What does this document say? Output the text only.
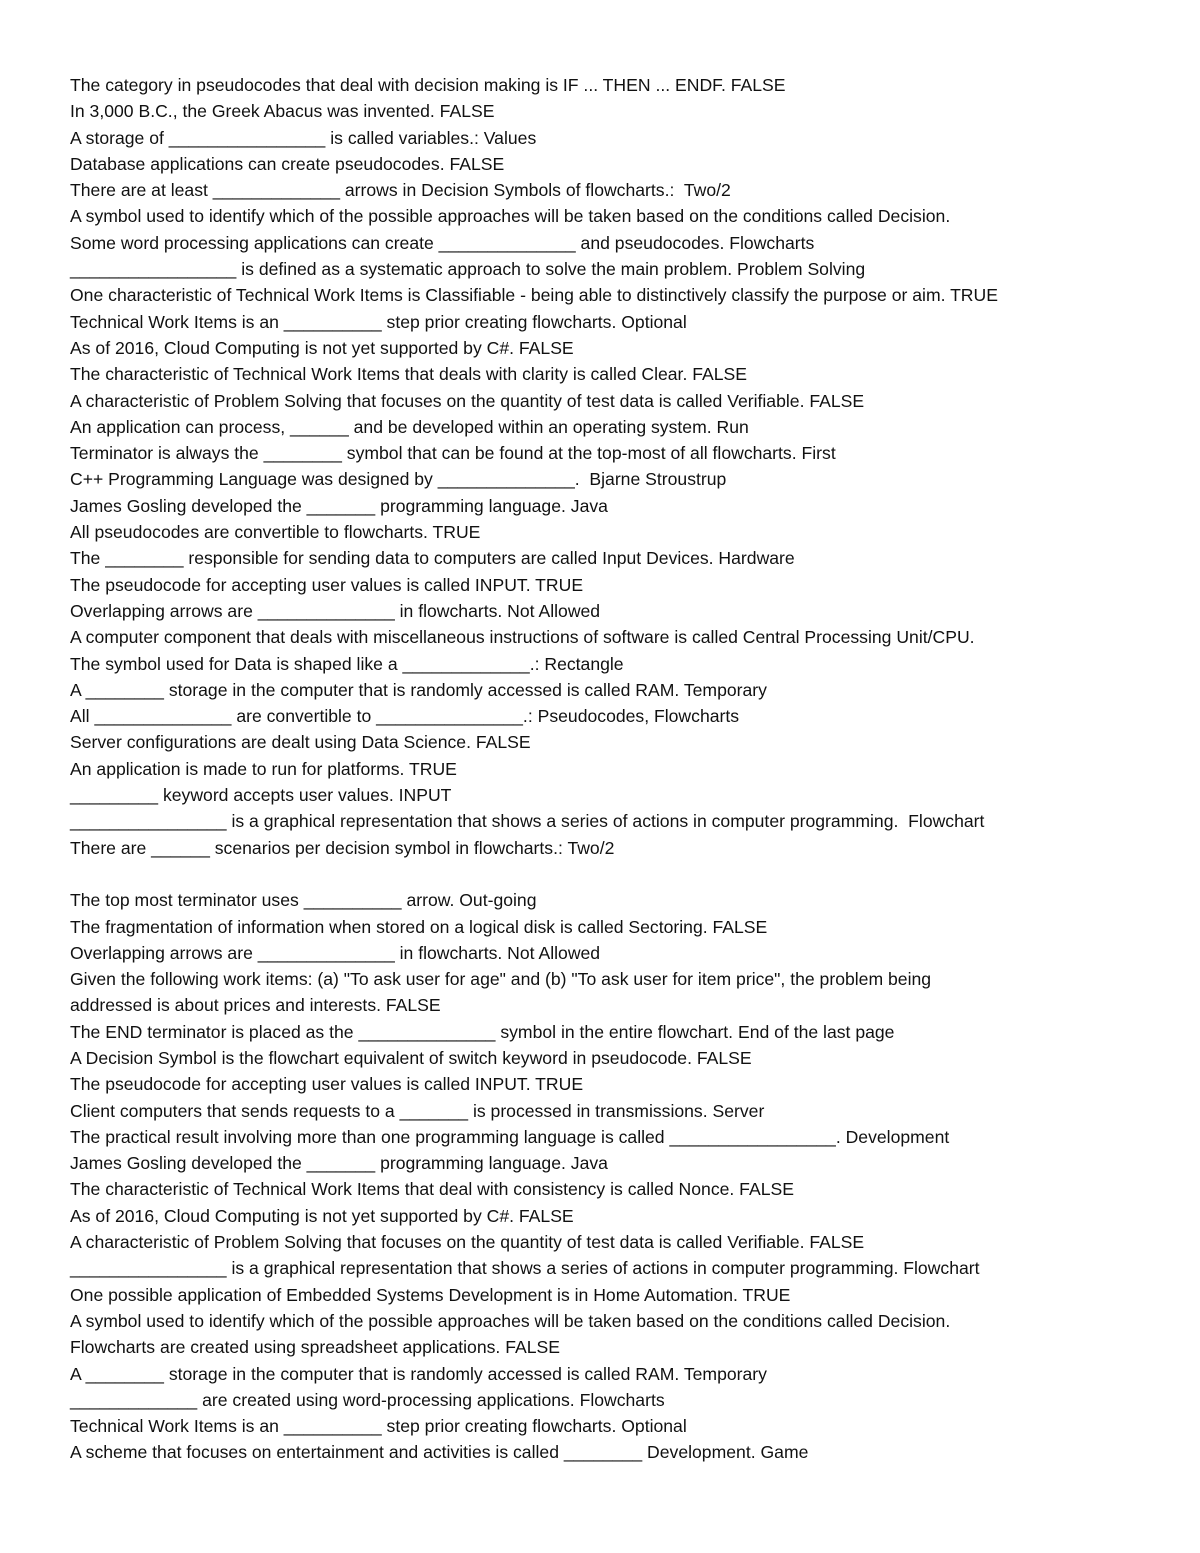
The category in pseudocodes that deal with decision making is IF ... THEN ... ENDF. FALSE
In 3,000 B.C., the Greek Abacus was invented. FALSE
A storage of ________________ is called variables.: Values
Database applications can create pseudocodes. FALSE
There are at least _____________ arrows in Decision Symbols of flowcharts.:  Two/2
A symbol used to identify which of the possible approaches will be taken based on the conditions called Decision.
Some word processing applications can create ______________ and pseudocodes. Flowcharts
_________________ is defined as a systematic approach to solve the main problem. Problem Solving
One characteristic of Technical Work Items is Classifiable - being able to distinctively classify the purpose or aim. TRUE
Technical Work Items is an __________ step prior creating flowcharts. Optional
As of 2016, Cloud Computing is not yet supported by C#. FALSE
The characteristic of Technical Work Items that deals with clarity is called Clear. FALSE
A characteristic of Problem Solving that focuses on the quantity of test data is called Verifiable. FALSE
An application can process, ______ and be developed within an operating system. Run
Terminator is always the ________ symbol that can be found at the top-most of all flowcharts. First
C++ Programming Language was designed by ______________.  Bjarne Stroustrup
James Gosling developed the _______ programming language. Java
All pseudocodes are convertible to flowcharts. TRUE
The ________ responsible for sending data to computers are called Input Devices. Hardware
The pseudocode for accepting user values is called INPUT. TRUE
Overlapping arrows are ______________ in flowcharts. Not Allowed
A computer component that deals with miscellaneous instructions of software is called Central Processing Unit/CPU.
The symbol used for Data is shaped like a _____________.: Rectangle
A ________ storage in the computer that is randomly accessed is called RAM. Temporary
All ______________ are convertible to _______________.: Pseudocodes, Flowcharts
Server configurations are dealt using Data Science. FALSE
An application is made to run for platforms. TRUE
_________ keyword accepts user values. INPUT
________________ is a graphical representation that shows a series of actions in computer programming.  Flowchart
There are ______ scenarios per decision symbol in flowcharts.: Two/2
The top most terminator uses __________ arrow. Out-going
The fragmentation of information when stored on a logical disk is called Sectoring. FALSE
Overlapping arrows are ______________ in flowcharts. Not Allowed
Given the following work items: (a) "To ask user for age" and (b) "To ask user for item price", the problem being
addressed is about prices and interests. FALSE
The END terminator is placed as the ______________ symbol in the entire flowchart. End of the last page
A Decision Symbol is the flowchart equivalent of switch keyword in pseudocode. FALSE
The pseudocode for accepting user values is called INPUT. TRUE
Client computers that sends requests to a _______ is processed in transmissions. Server
The practical result involving more than one programming language is called _________________. Development
James Gosling developed the _______ programming language. Java
The characteristic of Technical Work Items that deal with consistency is called Nonce. FALSE
As of 2016, Cloud Computing is not yet supported by C#. FALSE
A characteristic of Problem Solving that focuses on the quantity of test data is called Verifiable. FALSE
________________ is a graphical representation that shows a series of actions in computer programming. Flowchart
One possible application of Embedded Systems Development is in Home Automation. TRUE
A symbol used to identify which of the possible approaches will be taken based on the conditions called Decision.
Flowcharts are created using spreadsheet applications. FALSE
A ________ storage in the computer that is randomly accessed is called RAM. Temporary
_____________ are created using word-processing applications. Flowcharts
Technical Work Items is an __________ step prior creating flowcharts. Optional
A scheme that focuses on entertainment and activities is called ________ Development. Game
